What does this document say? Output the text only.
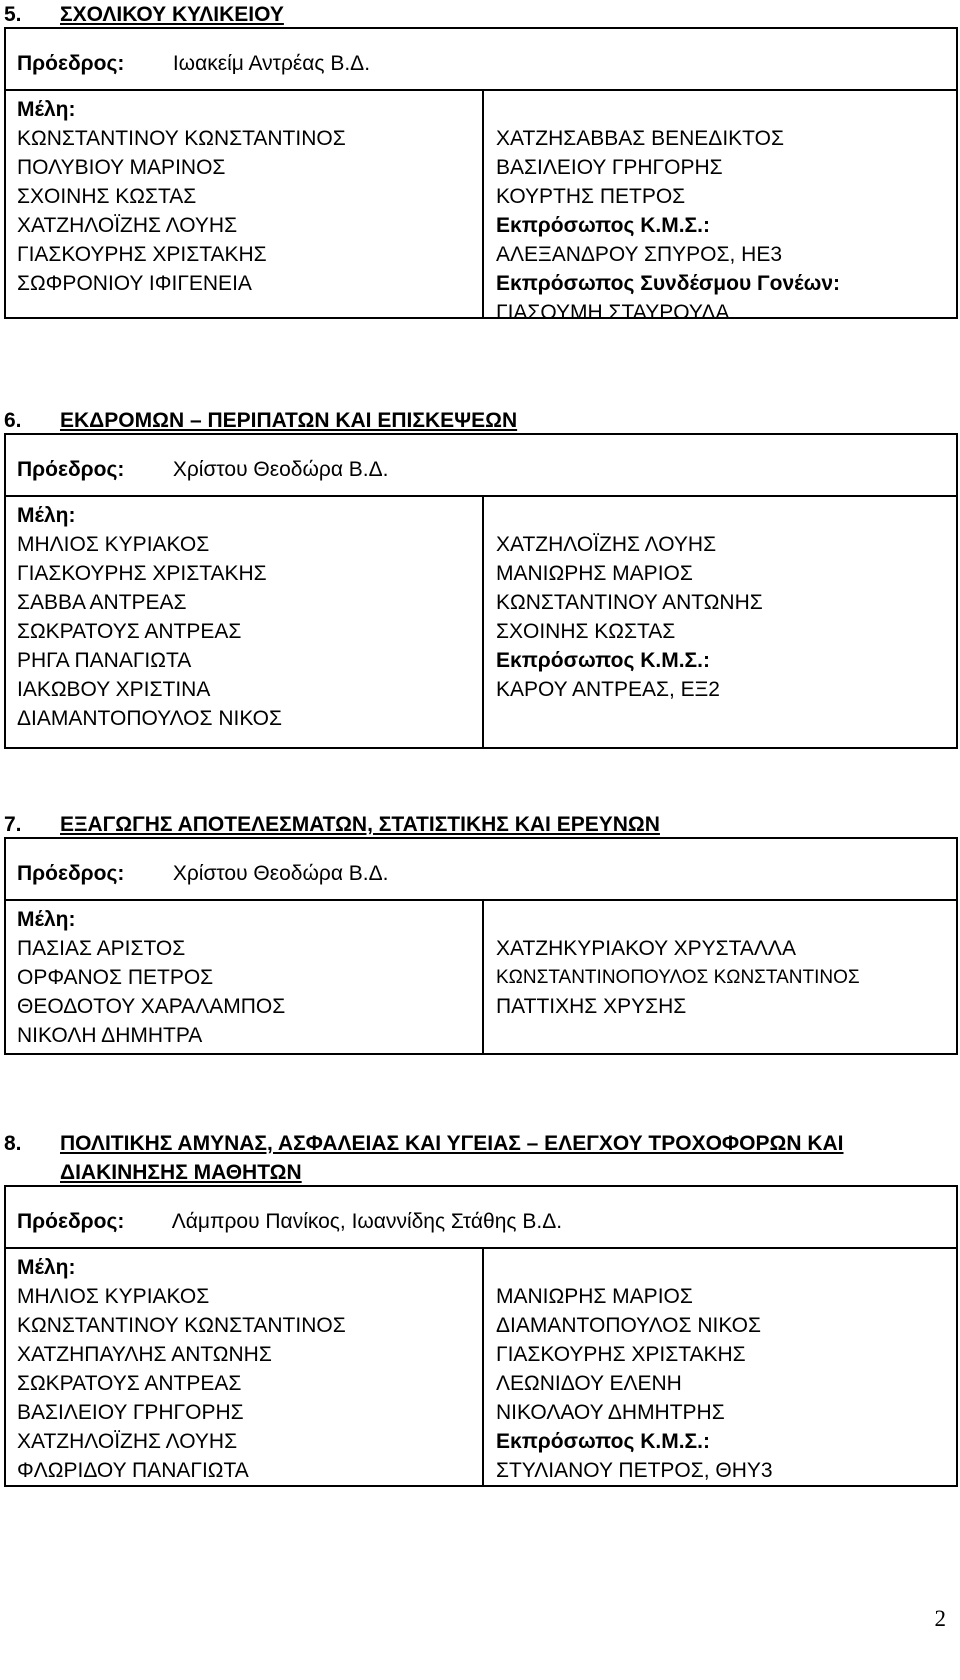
5. ΣΧΟΛΙΚΟΥ ΚΥΛΙΚΕΙΟΥ
Πρόεδρος: Ιωακείμ Αντρέας Β.Δ.
Μέλη:
ΚΩΝΣΤΑΝΤΙΝΟΥ ΚΩΝΣΤΑΝΤΙΝΟΣ
ΠΟΛΥΒΙΟΥ ΜΑΡΙΝΟΣ
ΣΧΟΙΝΗΣ ΚΩΣΤΑΣ
ΧΑΤΖΗΛΟΪΖΗΣ ΛΟΥΗΣ
ΓΙΑΣΚΟΥΡΗΣ ΧΡΙΣΤΑΚΗΣ
ΣΩΦΡΟΝΙΟΥ ΙΦΙΓΕΝΕΙΑ

ΧΑΤΖΗΣΑΒΒΑΣ ΒΕΝΕΔΙΚΤΟΣ
ΒΑΣΙΛΕΙΟΥ ΓΡΗΓΟΡΗΣ
ΚΟΥΡΤΗΣ ΠΕΤΡΟΣ
Εκπρόσωπος Κ.Μ.Σ.:
ΑΛΕΞΑΝΔΡΟΥ ΣΠΥΡΟΣ, ΗΕ3
Εκπρόσωπος Συνδέσμου Γονέων:
ΓΙΑΣΟΥΜΗ ΣΤΑΥΡΟΥΛΑ
6. ΕΚΔΡΟΜΩΝ – ΠΕΡΙΠΑΤΩΝ ΚΑΙ ΕΠΙΣΚΕΨΕΩΝ
Πρόεδρος: Χρίστου Θεοδώρα Β.Δ.
Μέλη:
ΜΗΛΙΟΣ ΚΥΡΙΑΚΟΣ
ΓΙΑΣΚΟΥΡΗΣ ΧΡΙΣΤΑΚΗΣ
ΣΑΒΒΑ ΑΝΤΡΕΑΣ
ΣΩΚΡΑΤΟΥΣ ΑΝΤΡΕΑΣ
ΡΗΓΑ ΠΑΝΑΓΙΩΤΑ
ΙΑΚΩΒΟΥ ΧΡΙΣΤΙΝΑ
ΔΙΑΜΑΝΤΟΠΟΥΛΟΣ ΝΙΚΟΣ

ΧΑΤΖΗΛΟΪΖΗΣ ΛΟΥΗΣ
ΜΑΝΙΩΡΗΣ ΜΑΡΙΟΣ
ΚΩΝΣΤΑΝΤΙΝΟΥ ΑΝΤΩΝΗΣ
ΣΧΟΙΝΗΣ ΚΩΣΤΑΣ
Εκπρόσωπος Κ.Μ.Σ.:
ΚΑΡΟΥ ΑΝΤΡΕΑΣ, ΕΞ2
7. ΕΞΑΓΩΓΗΣ ΑΠΟΤΕΛΕΣΜΑΤΩΝ, ΣΤΑΤΙΣΤΙΚΗΣ ΚΑΙ ΕΡΕΥΝΩΝ
Πρόεδρος: Χρίστου Θεοδώρα Β.Δ.
Μέλη:
ΠΑΣΙΑΣ ΑΡΙΣΤΟΣ
ΟΡΦΑΝΟΣ ΠΕΤΡΟΣ
ΘΕΟΔΟΤΟΥ ΧΑΡΑΛΑΜΠΟΣ
ΝΙΚΟΛΗ ΔΗΜΗΤΡΑ

ΧΑΤΖΗΚΥΡΙΑΚΟΥ ΧΡΥΣΤΑΛΛΑ
ΚΩΝΣΤΑΝΤΙΝΟΠΟΥΛΟΣ ΚΩΝΣΤΑΝΤΙΝΟΣ
ΠΑΤΤΙΧΗΣ ΧΡΥΣΗΣ
8. ΠΟΛΙΤΙΚΗΣ ΑΜΥΝΑΣ, ΑΣΦΑΛΕΙΑΣ ΚΑΙ ΥΓΕΙΑΣ – ΕΛΕΓΧΟΥ ΤΡΟΧΟΦΟΡΩΝ ΚΑΙ ΔΙΑΚΙΝΗΣΗΣ ΜΑΘΗΤΩΝ
Πρόεδρος: Λάμπρου Πανίκος, Ιωαννίδης Στάθης Β.Δ.
Μέλη:
ΜΗΛΙΟΣ ΚΥΡΙΑΚΟΣ
ΚΩΝΣΤΑΝΤΙΝΟΥ ΚΩΝΣΤΑΝΤΙΝΟΣ
ΧΑΤΖΗΠΑΥΛΗΣ ΑΝΤΩΝΗΣ
ΣΩΚΡΑΤΟΥΣ ΑΝΤΡΕΑΣ
ΒΑΣΙΛΕΙΟΥ ΓΡΗΓΟΡΗΣ
ΧΑΤΖΗΛΟΪΖΗΣ ΛΟΥΗΣ
ΦΛΩΡΙΔΟΥ ΠΑΝΑΓΙΩΤΑ

ΜΑΝΙΩΡΗΣ ΜΑΡΙΟΣ
ΔΙΑΜΑΝΤΟΠΟΥΛΟΣ ΝΙΚΟΣ
ΓΙΑΣΚΟΥΡΗΣ ΧΡΙΣΤΑΚΗΣ
ΛΕΩΝΙΔΟΥ ΕΛΕΝΗ
ΝΙΚΟΛΑΟΥ ΔΗΜΗΤΡΗΣ
Εκπρόσωπος Κ.Μ.Σ.:
ΣΤΥΛΙΑΝΟΥ ΠΕΤΡΟΣ, ΘΗΥ3
2
